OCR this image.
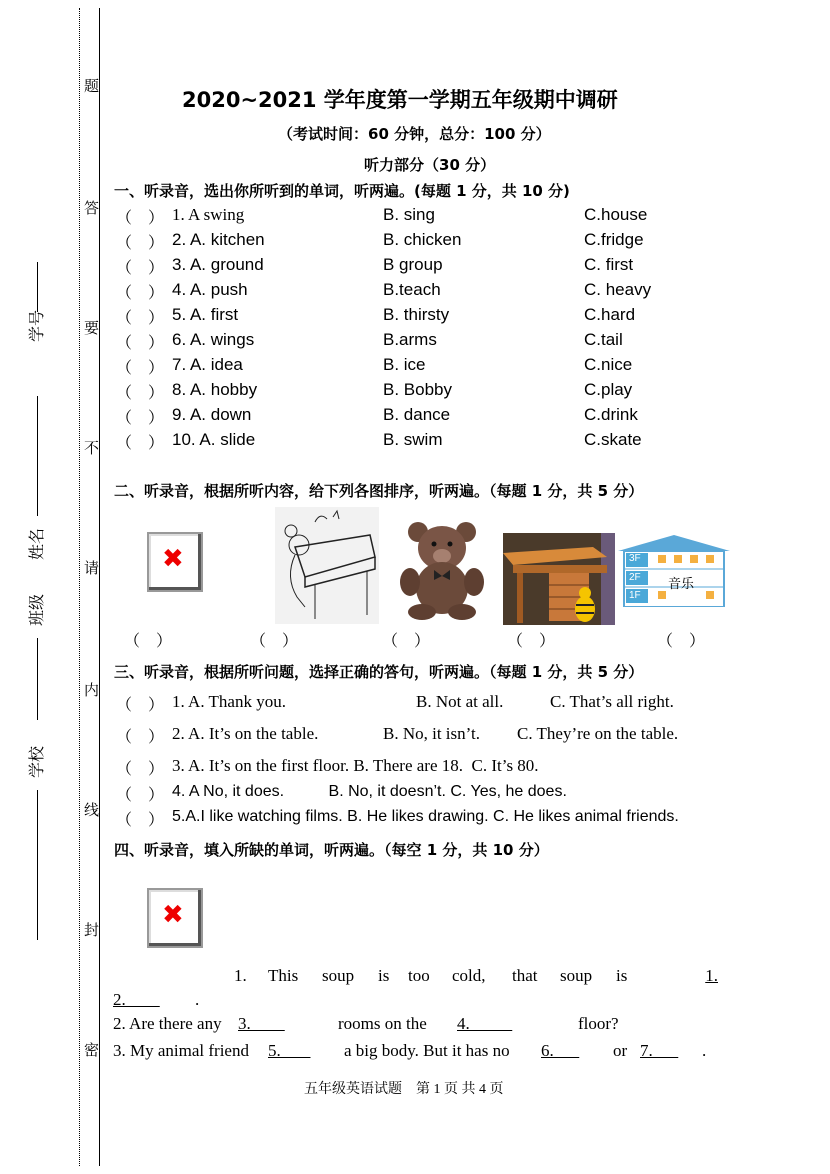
题
答
要
不
请
内
线
封
密
学号
姓名
班级
学校
2020~2021 学年度第一学期五年级期中调研
（考试时间：60 分钟，总分：100 分）
听力部分（30 分）
一、听录音，选出你所听到的单词，听两遍。(每题 1 分，共 10 分)
（　） 1. A swing	B. sing	C.house
（　） 2. A. kitchen	B. chicken	C.fridge
（　） 3. A. ground	B group	C. first
（　） 4. A. push	B.teach	C. heavy
（　） 5. A. first	B. thirsty	C.hard
（　） 6. A. wings	B.arms	C.tail
（　） 7. A. idea	B. ice	C.nice
（　） 8. A. hobby	B. Bobby	C.play
（　） 9. A. down	B. dance	C.drink
（　） 10. A. slide	B. swim	C.skate
二、听录音，根据所听内容，给下列各图排序，听两遍。（每题 1 分，共 5 分）
✖	3F
2F
1F
音乐
（　）	（　）	（　）	（　）	（　）
三、听录音，根据所听问题，选择正确的答句，听两遍。（每题 1 分，共 5 分）
（　） 1. A. Thank you.	B. Not at all.	C. That’s all right.
（　） 2. A. It’s on the table.	B. No, it isn’t. C. They’re on the table.
（　） 3. A. It’s on the first floor. B. There are 18.  C. It’s 80.
（　） 4. A No, it does.          B. No, it doesn’t. C. Yes, he does.
（　） 5.A.I like watching films. B. He likes drawing. C. He likes animal friends.
四、听录音，填入所缺的单词，听两遍。（每空 1 分，共 10 分）
✖
1. This soup is too cold, that soup is	1.
2.	.
2. Are there any 3.	rooms on the 4.	floor?
3. My animal friend 5.	a big body. But it has no 6.	or 7.	.
五年级英语试题　第 1 页 共 4 页
